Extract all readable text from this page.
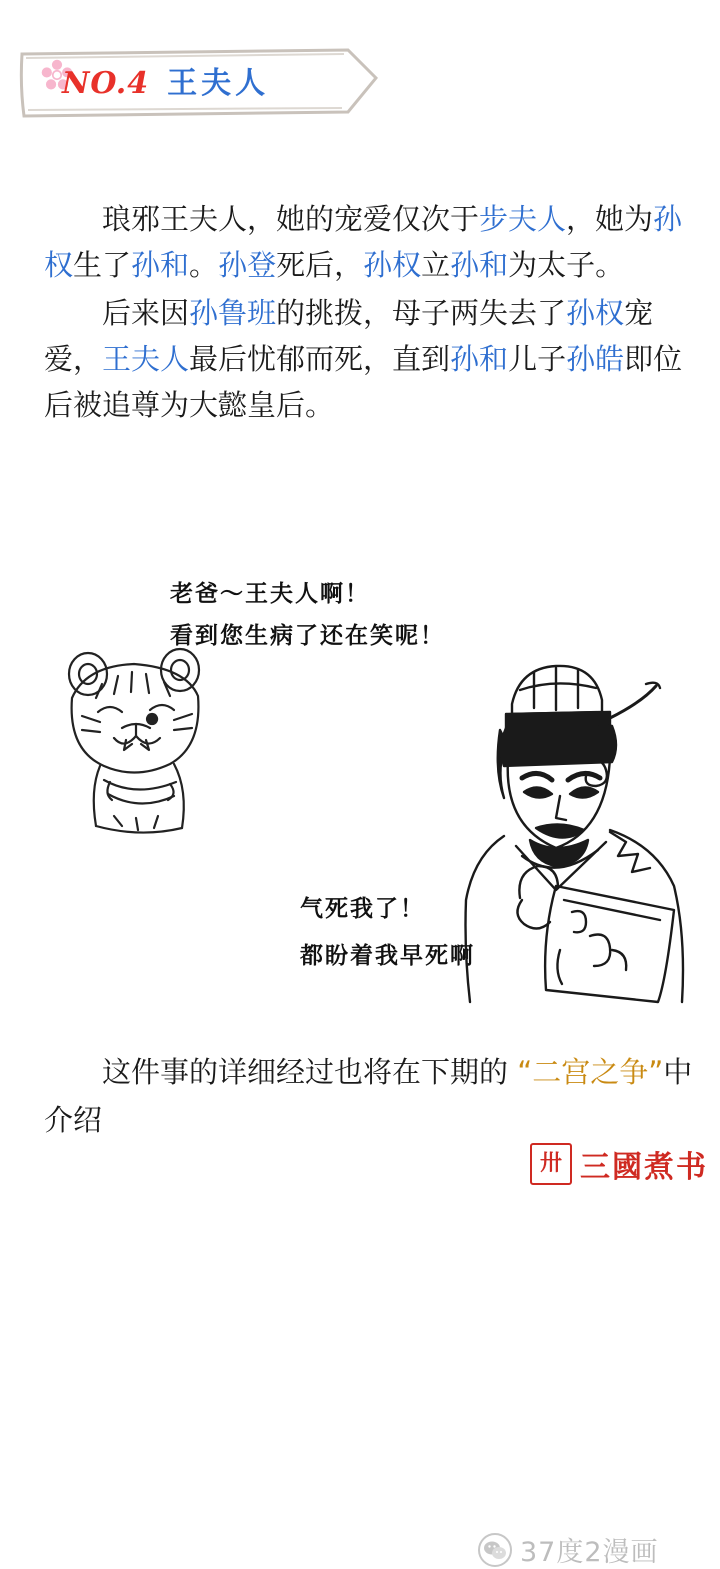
NO.4 王夫人

琅邪王夫人，她的宠爱仅次于步夫人，她为孙权生了孙和。孙登死后，孙权立孙和为太子。

后来因孙鲁班的挑拨，母子两失去了孙权宠爱，王夫人最后忧郁而死，直到孙和儿子孙皓即位后被追尊为大懿皇后。

老爸～王夫人啊！
看到您生病了还在笑呢！
气死我了！
都盼着我早死啊
37度2漫画
这件事的详细经过也将在下期的 “二宫之争”中介绍
卅 三國煮书
